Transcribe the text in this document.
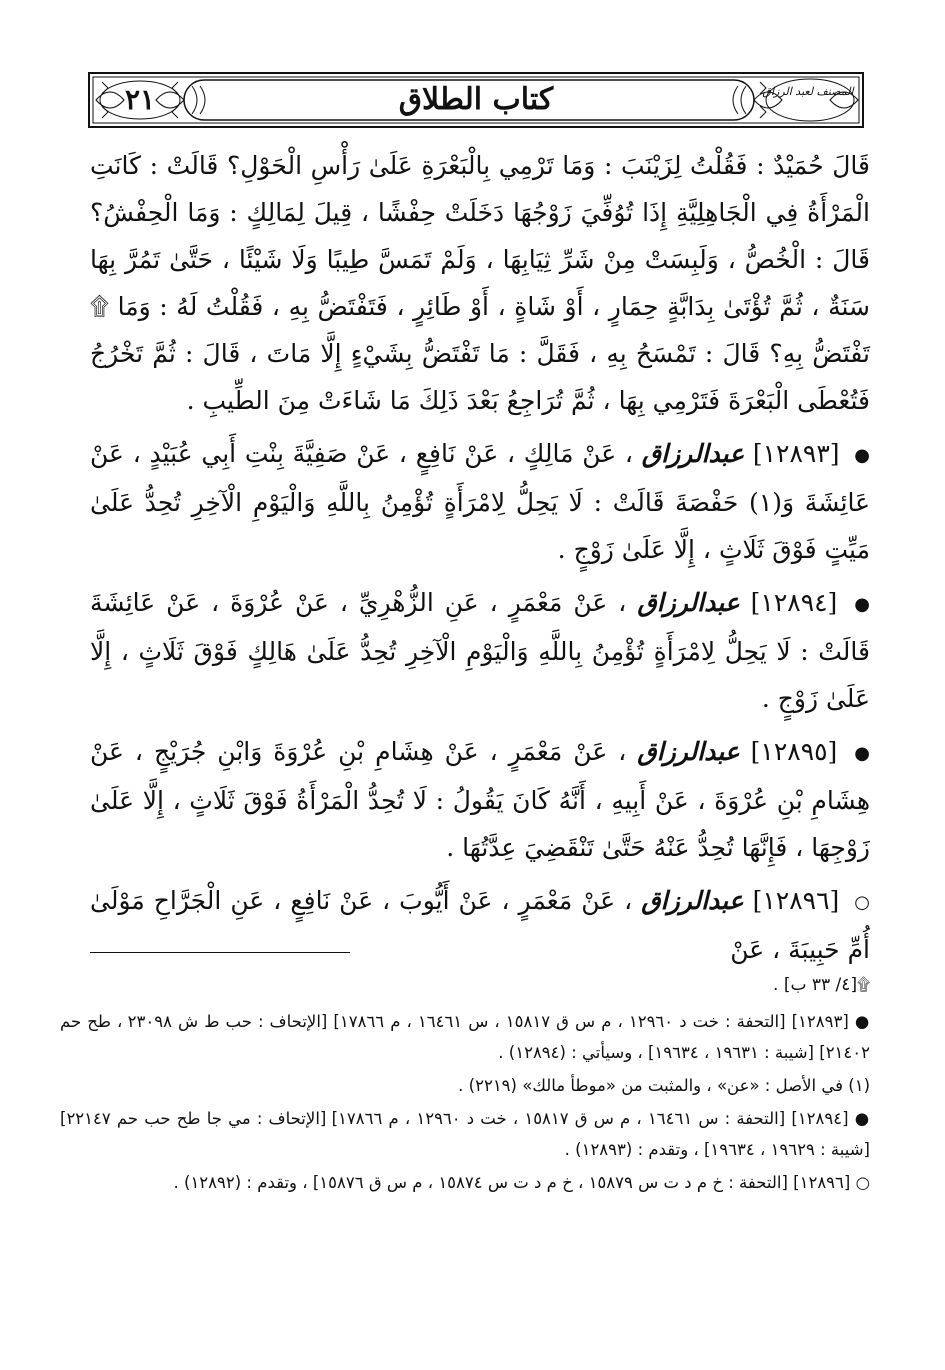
٢١	كتاب الطلاق	المصنف لعبد الرزاق

قَالَ حُمَيْدٌ : فَقُلْتُ لِزَيْنَبَ : وَمَا تَرْمِي بِالْبَعْرَةِ عَلَىٰ رَأْسِ الْحَوْلِ؟ قَالَتْ : كَانَتِ الْمَرْأَةُ فِي الْجَاهِلِيَّةِ إِذَا تُوُفِّيَ زَوْجُهَا دَخَلَتْ حِفْشًا ، قِيلَ لِمَالِكٍ : وَمَا الْحِفْشُ؟ قَالَ : الْخُصُّ ، وَلَبِسَتْ مِنْ شَرِّ ثِيَابِهَا ، وَلَمْ تَمَسَّ طِيبًا وَلَا شَيْئًا ، حَتَّىٰ تَمُرَّ بِهَا سَنَةٌ ، ثُمَّ تُؤْتَىٰ بِدَابَّةٍ حِمَارٍ ، أَوْ شَاةٍ ، أَوْ طَائِرٍ ، فَتَفْتَضُّ بِهِ ، فَقُلْتُ لَهُ : وَمَا ۩ تَفْتَضُّ بِهِ؟ قَالَ : تَمْسَحُ بِهِ ، فَقَلَّ : مَا تَفْتَضُّ بِشَيْءٍ إِلَّا مَاتَ ، قَالَ : ثُمَّ تَخْرُجُ فَتُعْطَى الْبَعْرَةَ فَتَرْمِي بِهَا ، ثُمَّ تُرَاجِعُ بَعْدَ ذَلِكَ مَا شَاءَتْ مِنَ الطِّيبِ .

● [١٢٨٩٣] عبدالرزاق ، عَنْ مَالِكٍ ، عَنْ نَافِعٍ ، عَنْ صَفِيَّةَ بِنْتِ أَبِي عُبَيْدٍ ، عَنْ عَائِشَةَ وَ(١) حَفْصَةَ قَالَتْ : لَا يَحِلُّ لِامْرَأَةٍ تُؤْمِنُ بِاللَّهِ وَالْيَوْمِ الْآخِرِ تُحِدُّ عَلَىٰ مَيِّتٍ فَوْقَ ثَلَاثٍ ، إِلَّا عَلَىٰ زَوْجٍ .

● [١٢٨٩٤] عبدالرزاق ، عَنْ مَعْمَرٍ ، عَنِ الزُّهْرِيِّ ، عَنْ عُرْوَةَ ، عَنْ عَائِشَةَ قَالَتْ : لَا يَحِلُّ لِامْرَأَةٍ تُؤْمِنُ بِاللَّهِ وَالْيَوْمِ الْآخِرِ تُحِدُّ عَلَىٰ هَالِكٍ فَوْقَ ثَلَاثٍ ، إِلَّا عَلَىٰ زَوْجٍ .

● [١٢٨٩٥] عبدالرزاق ، عَنْ مَعْمَرٍ ، عَنْ هِشَامِ بْنِ عُرْوَةَ وَابْنِ جُرَيْجٍ ، عَنْ هِشَامِ بْنِ عُرْوَةَ ، عَنْ أَبِيهِ ، أَنَّهُ كَانَ يَقُولُ : لَا تُحِدُّ الْمَرْأَةُ فَوْقَ ثَلَاثٍ ، إِلَّا عَلَىٰ زَوْجِهَا ، فَإِنَّهَا تُحِدُّ عَنْهُ حَتَّىٰ تَنْقَضِيَ عِدَّتُهَا .

○ [١٢٨٩٦] عبدالرزاق ، عَنْ مَعْمَرٍ ، عَنْ أَيُّوبَ ، عَنْ نَافِعٍ ، عَنِ الْجَرَّاحِ مَوْلَىٰ أُمِّ حَبِيبَةَ ، عَنْ

۩[٤/ ٣٣ ب] .

● [١٢٨٩٣] [التحفة : خت د ١٢٩٦٠ ، م س ق ١٥٨١٧ ، س ١٦٤٦١ ، م ١٧٨٦٦] [الإتحاف : حب ط ش ٢٣٠٩٨ ، طح حم ٢١٤٠٢] [شيبة : ١٩٦٣١ ، ١٩٦٣٤] ، وسيأتي : (١٢٨٩٤) .

(١) في الأصل : «عن» ، والمثبت من «موطأ مالك» (٢٢١٩) .

● [١٢٨٩٤] [التحفة : س ١٦٤٦١ ، م س ق ١٥٨١٧ ، خت د ١٢٩٦٠ ، م ١٧٨٦٦] [الإتحاف : مي جا طح حب حم ٢٢١٤٧] [شيبة : ١٩٦٢٩ ، ١٩٦٣٤] ، وتقدم : (١٢٨٩٣) .

○ [١٢٨٩٦] [التحفة : خ م د ت س ١٥٨٧٩ ، خ م د ت س ١٥٨٧٤ ، م س ق ١٥٨٧٦] ، وتقدم : (١٢٨٩٢) .
